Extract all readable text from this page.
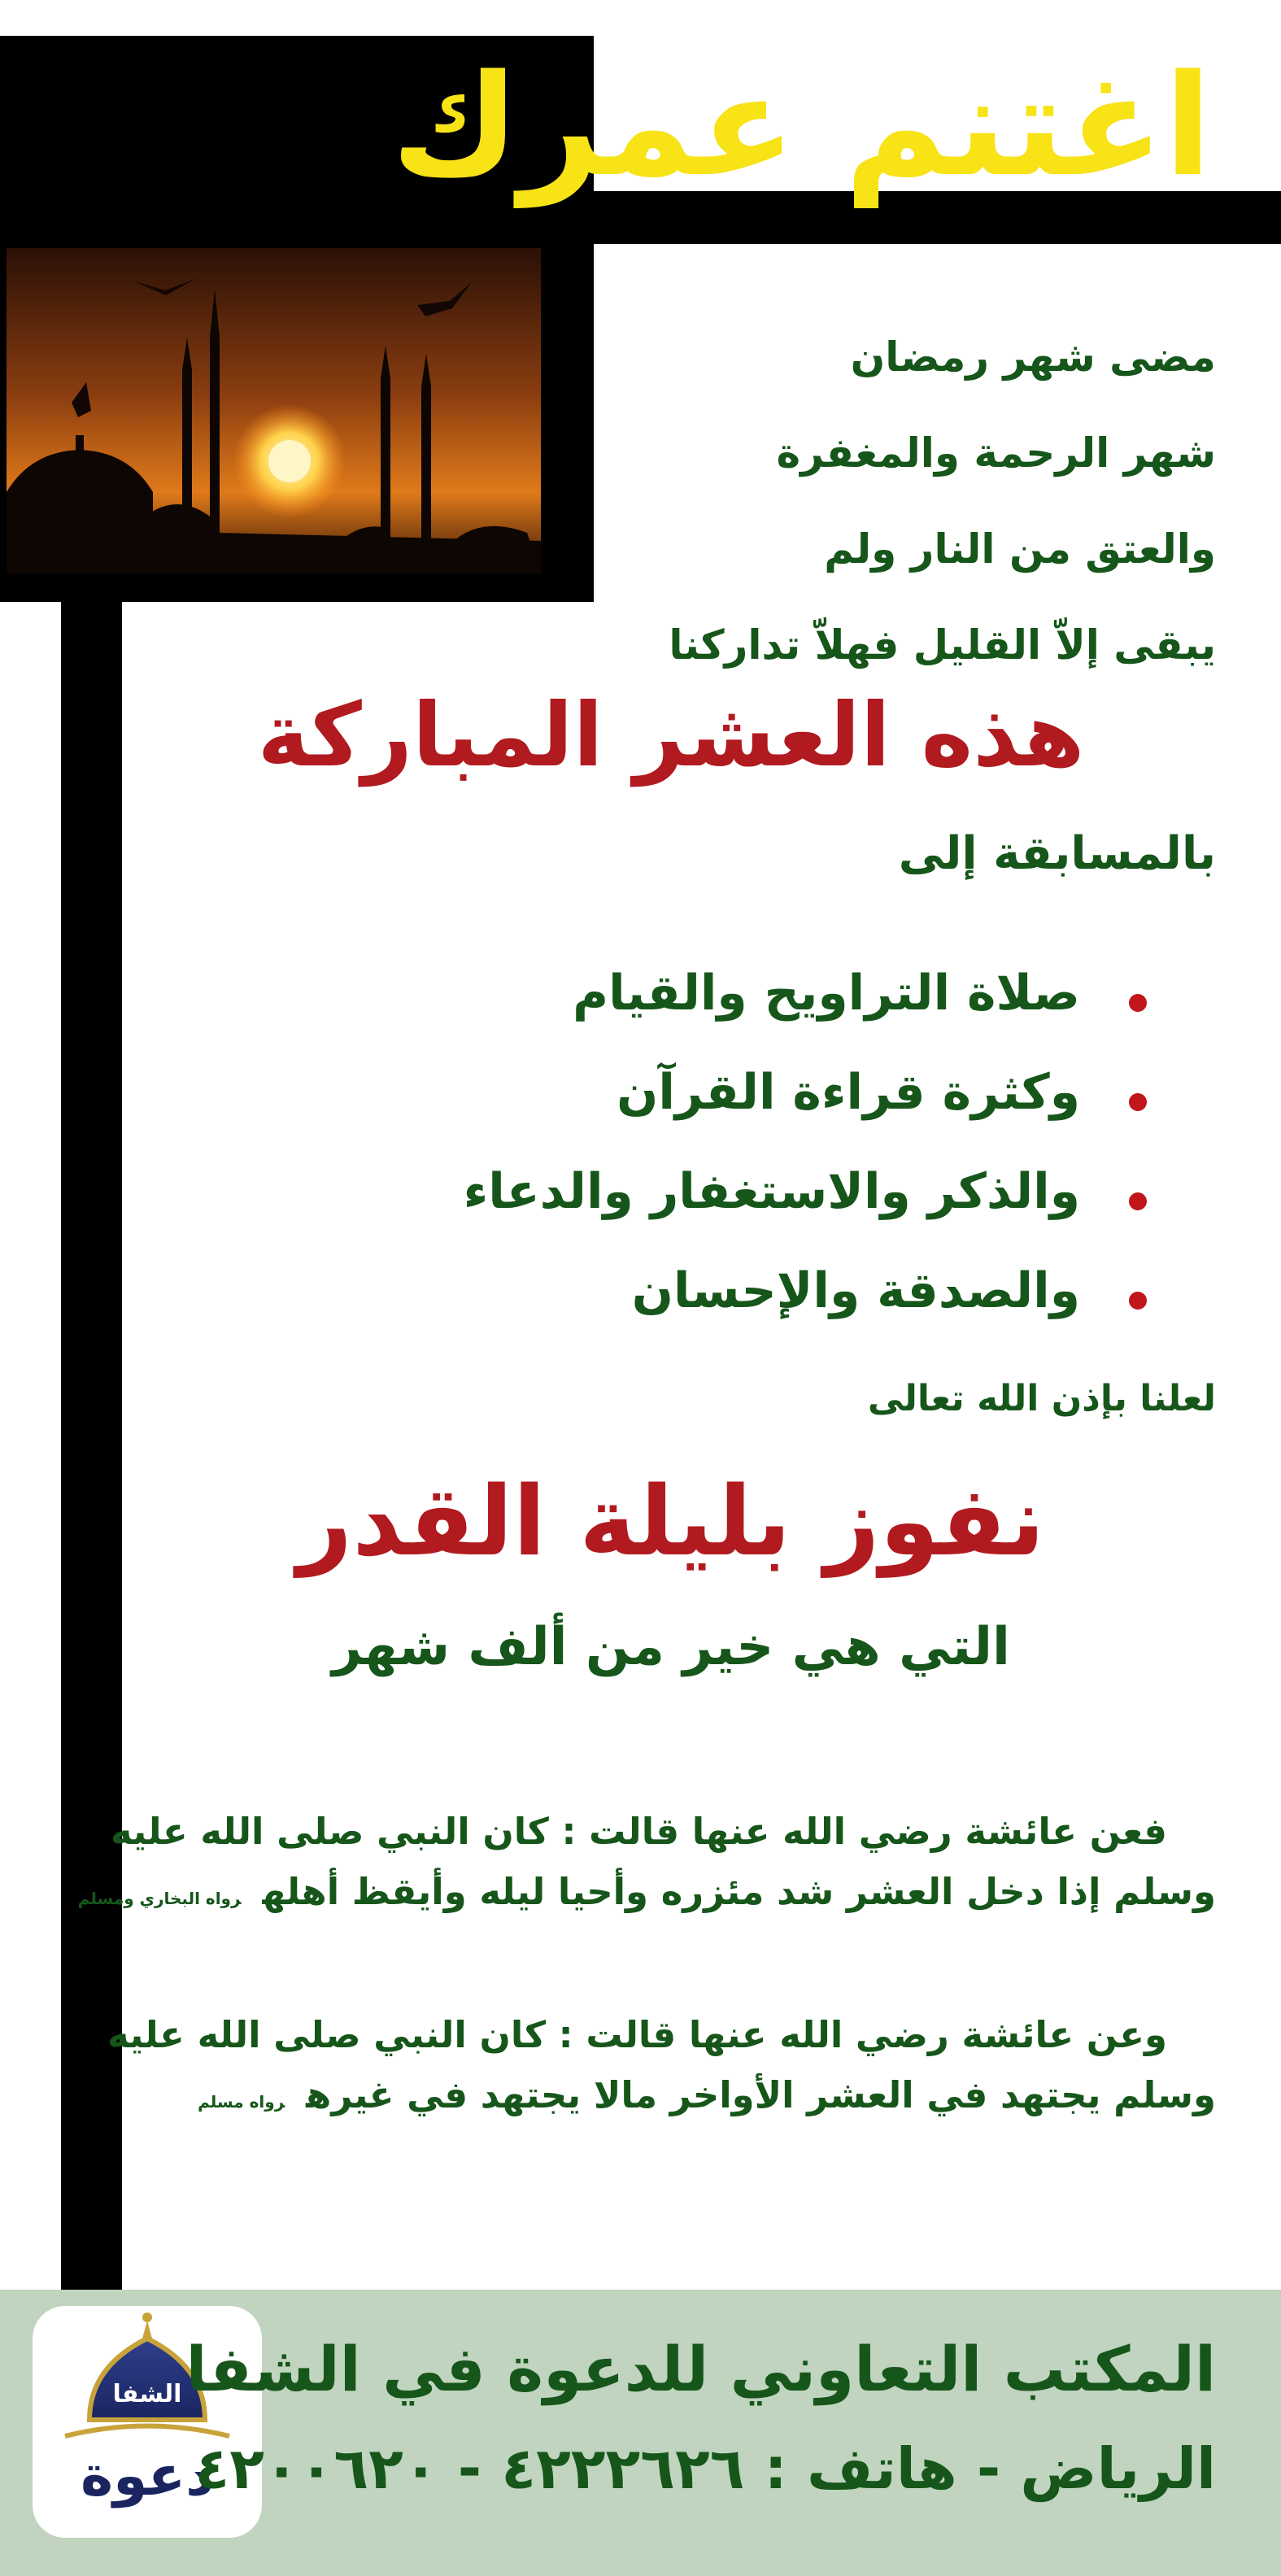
اغتنم عمرك
مضى شهر رمضان
شهر الرحمة والمغفرة
والعتق من النار ولم
يبقى إلاّ القليل فهلاّ تداركنا
هذه العشر المباركة
بالمسابقة إلى
صلاة التراويح والقيام
وكثرة قراءة القرآن
والذكر والاستغفار والدعاء
والصدقة والإحسان
لعلنا بإذن الله تعالى
نفوز بليلة القدر
التي هي خير من ألف شهر
فعن عائشة رضي الله عنها قالت : كان النبي صلى الله عليه
وسلم إذا دخل العشر شد مئزره وأحيا ليله وأيقظ أهلهرواه البخاري ومسلم
وعن عائشة رضي الله عنها قالت : كان النبي صلى الله عليه
وسلم يجتهد في العشر الأواخر مالا يجتهد في غيرهرواه مسلم
الشفا
دعوة
المكتب التعاوني للدعوة في الشفا
الرياض - هاتف : ٤٢٢٢٦٢٦ - ٤٢٠٠٦٢٠
